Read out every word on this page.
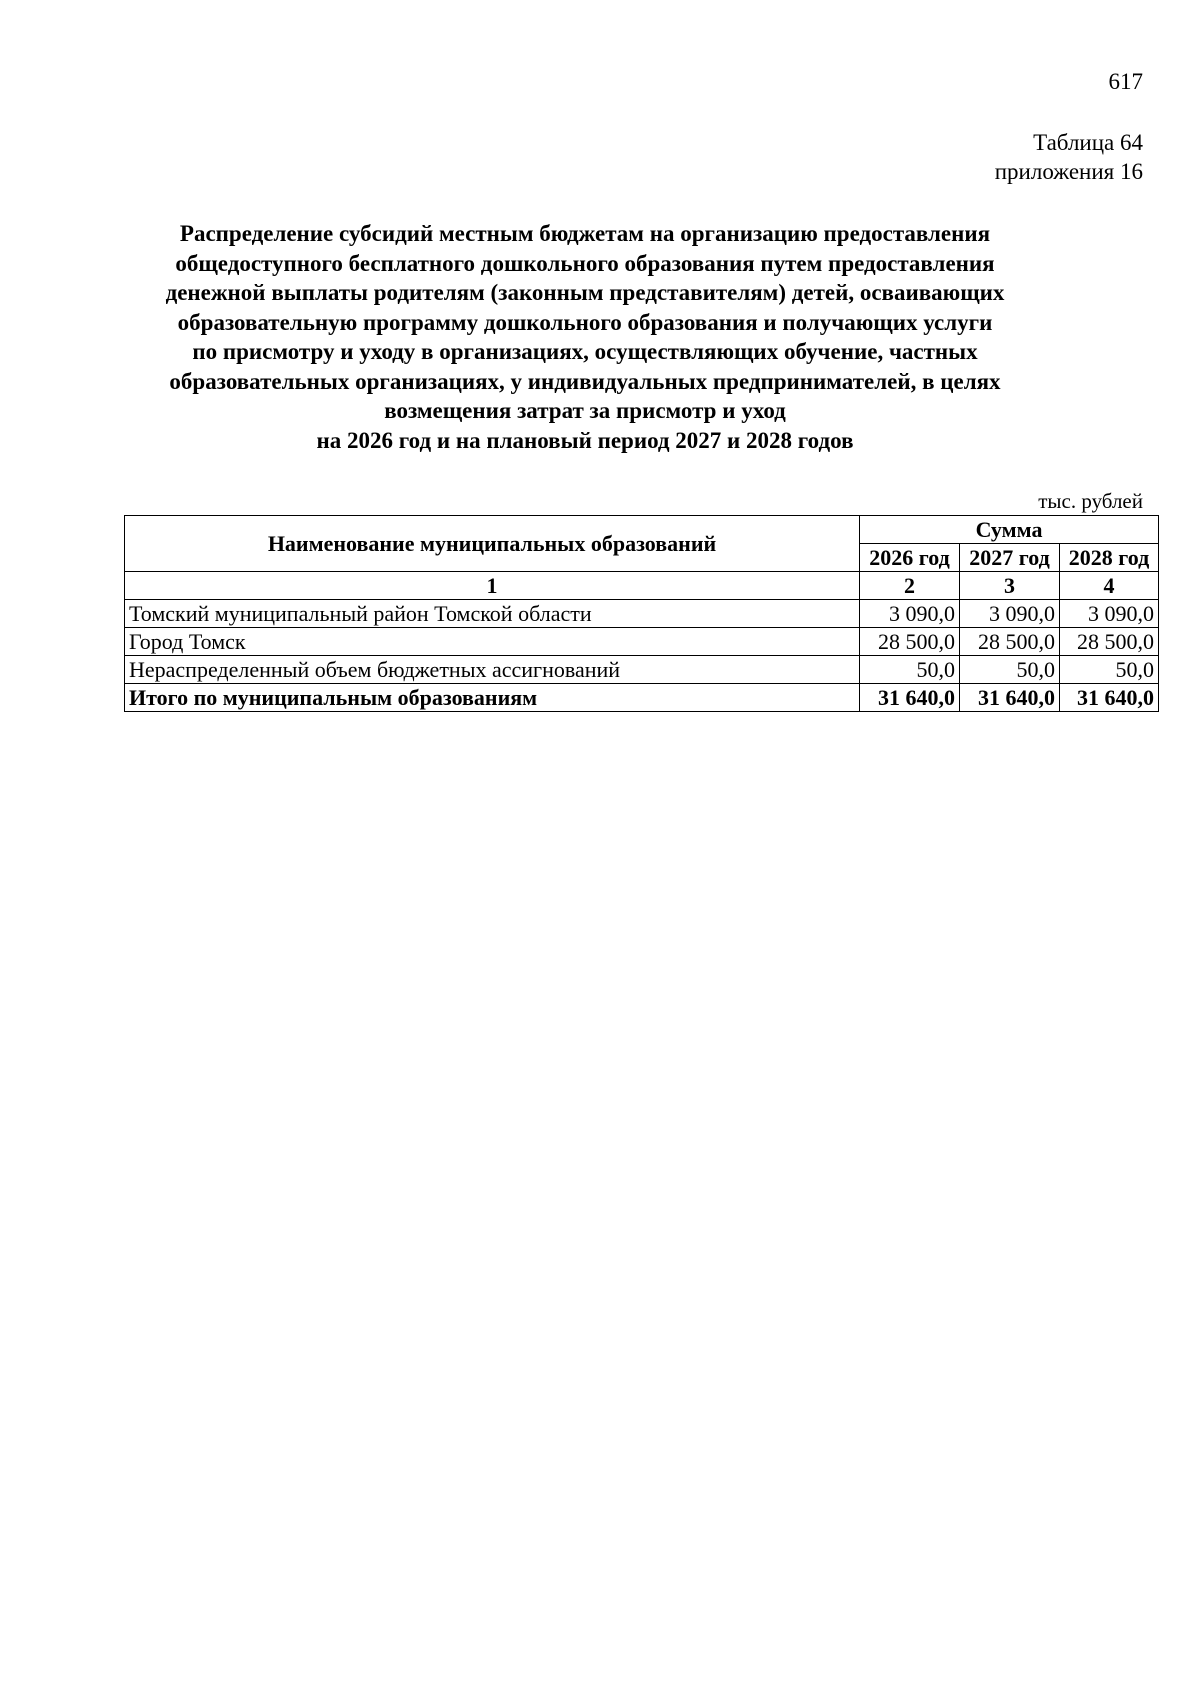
617
Таблица 64
приложения 16
Распределение субсидий местным бюджетам на организацию предоставления
общедоступного бесплатного дошкольного образования путем предоставления
денежной выплаты родителям (законным представителям) детей, осваивающих
образовательную программу дошкольного образования и получающих услуги
по присмотру и уходу в организациях, осуществляющих обучение, частных
образовательных организациях, у индивидуальных предпринимателей, в целях
возмещения затрат за присмотр и уход
на 2026 год и на плановый период 2027 и 2028 годов
тыс. рублей
Наименование муниципальных образований	Сумма		
	2026 год	2027 год	2028 год
1	2	3	4
Томский муниципальный район Томской области	3 090,0	3 090,0	3 090,0
Город Томск	28 500,0	28 500,0	28 500,0
Нераспределенный объем бюджетных ассигнований	50,0	50,0	50,0
Итого по муниципальным образованиям	31 640,0	31 640,0	31 640,0
